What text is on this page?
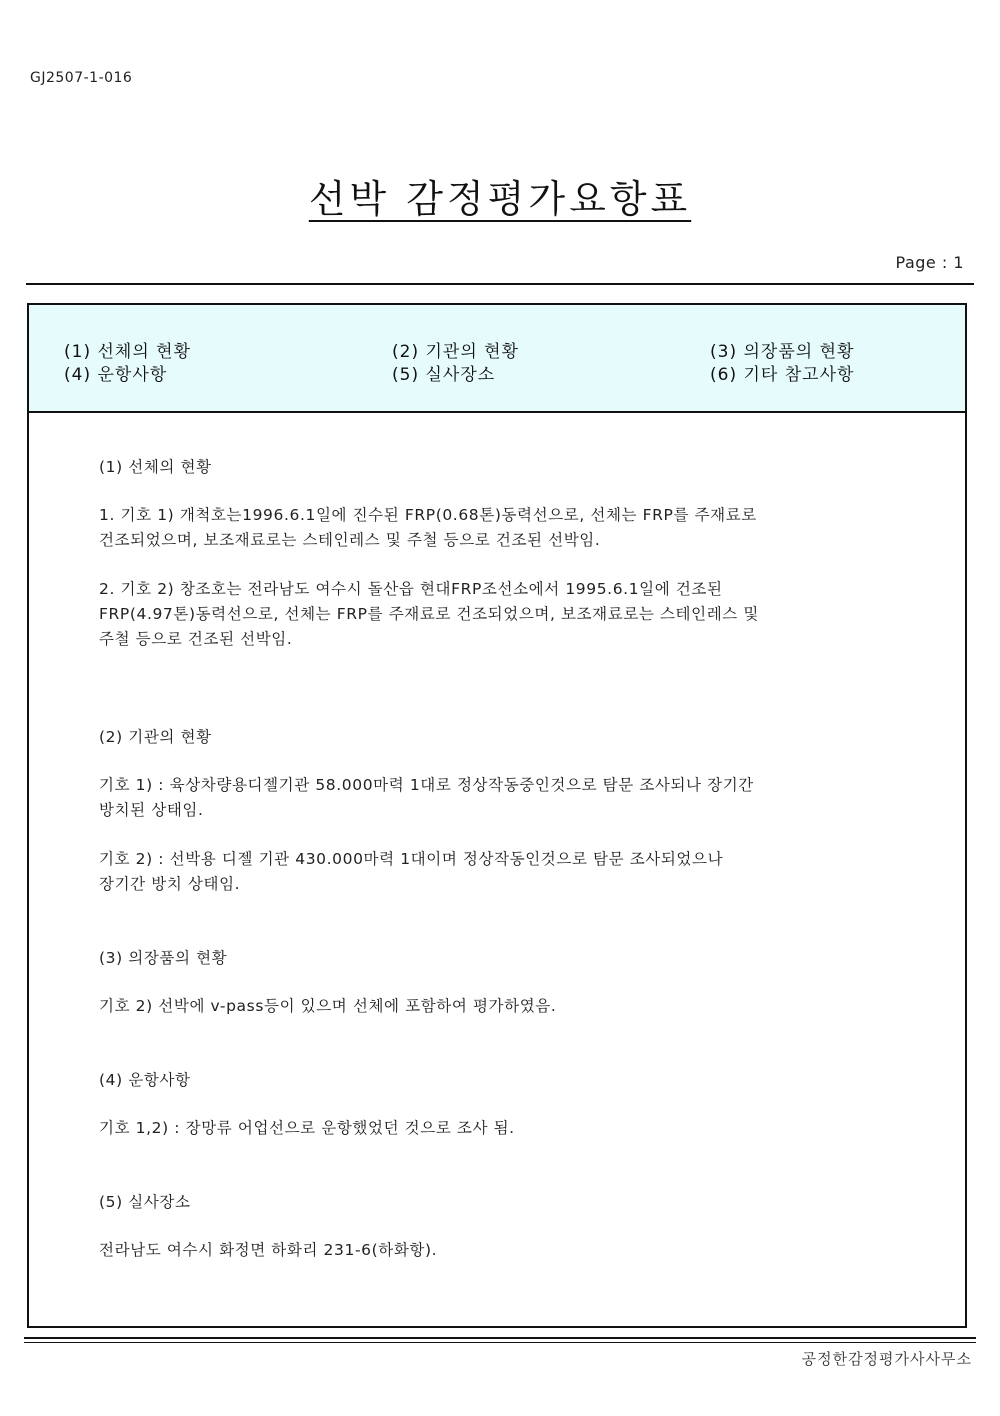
GJ2507-1-016
선박 감정평가요항표
Page : 1
(1) 선체의 현황	(2) 기관의 현황	(3) 의장품의 현황
(4) 운항사항	(5) 실사장소	(6) 기타 참고사항

(1) 선체의 현황

1. 기호 1) 개척호는1996.6.1일에 진수된 FRP(0.68톤)동력선으로, 선체는 FRP를 주재료로
건조되었으며, 보조재료로는 스테인레스 및 주철 등으로 건조된 선박임.

2. 기호 2) 창조호는 전라남도 여수시 돌산읍 현대FRP조선소에서 1995.6.1일에 건조된
FRP(4.97톤)동력선으로, 선체는 FRP를 주재료로 건조되었으며, 보조재료로는 스테인레스 및
주철 등으로 건조된 선박임.

(2) 기관의 현황

기호 1) : 육상차량용디젤기관 58.000마력 1대로 정상작동중인것으로 탐문 조사되나 장기간
방치된 상태임.

기호 2) : 선박용 디젤 기관 430.000마력 1대이며 정상작동인것으로 탐문 조사되었으나
장기간 방치 상태임.

(3) 의장품의 현황

기호 2) 선박에 v-pass등이 있으며 선체에 포함하여 평가하였음.

(4) 운항사항

기호 1,2) : 장망류 어업선으로 운항했었던 것으로 조사 됨.

(5) 실사장소

전라남도 여수시 화정면 하화리 231-6(하화항).

공정한감정평가사사무소
